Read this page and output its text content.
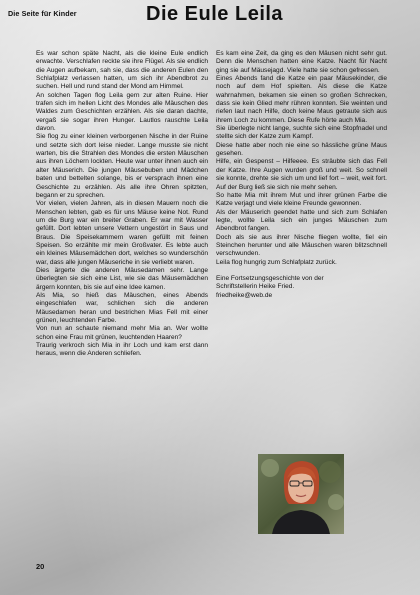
Die Seite für Kinder	Die Eule Leila

Es war schon späte Nacht, als die kleine Eule endlich erwachte. Verschlafen reckte sie ihre Flügel. Als sie endlich die Augen aufbekam, sah sie, dass die anderen Eulen den Schlafplatz verlassen hatten, um sich ihr Abendbrot zu suchen. Hell und rund stand der Mond am Himmel.

An solchen Tagen flog Leila gern zur alten Ruine. Hier trafen sich im hellen Licht des Mondes alle Mäuschen des Waldes zum Geschichten erzählen. Als sie daran dachte, vergaß sie sogar ihren Hunger. Lautlos rauschte Leila davon.

Sie flog zu einer kleinen verborgenen Nische in der Ruine und setzte sich dort leise nieder. Lange musste sie nicht warten, bis die Strahlen des Mondes die ersten Mäuschen aus ihren Löchern lockten. Heute war unter ihnen auch ein alter Mäuserich. Die jungen Mäusebuben und Mädchen baten und bettelten solange, bis er versprach ihnen eine Geschichte zu erzählen. Als alle ihre Ohren spitzten, begann er zu sprechen.

Vor vielen, vielen Jahren, als in diesen Mauern noch die Menschen lebten, gab es für uns Mäuse keine Not. Rund um die Burg war ein breiter Graben. Er war mit Wasser gefüllt. Dort lebten unsere Vettern ungestört in Saus und Braus. Die Speisekammern waren gefüllt mit feinen Speisen. So erzählte mir mein Großvater. Es lebte auch ein kleines Mäusemädchen dort, welches so wunderschön war, dass alle jungen Mäuseriche in sie verliebt waren.

Dies ärgerte die anderen Mäusedamen sehr. Lange überlegten sie sich eine List, wie sie das Mäusemädchen ärgern konnten, bis sie auf eine Idee kamen.

Als Mia, so hieß das Mäuschen, eines Abends eingeschlafen war, schlichen sich die anderen Mäusedamen heran und bestrichen Mias Fell mit einer grünen, leuchtenden Farbe.

Von nun an schaute niemand mehr Mia an. Wer wollte schon eine Frau mit grünen, leuchtenden Haaren?

Traurig verkroch sich Mia in ihr Loch und kam erst dann heraus, wenn die Anderen schliefen.

Es kam eine Zeit, da ging es den Mäusen nicht sehr gut. Denn die Menschen hatten eine Katze. Nacht für Nacht ging sie auf Mäusejagd. Viele hatte sie schon gefressen.

Eines Abends fand die Katze ein paar Mäusekinder, die noch auf dem Hof spielten. Als diese die Katze wahrnahmen, bekamen sie einen so großen Schrecken, dass sie kein Glied mehr rühren konnten. Sie weinten und riefen laut nach Hilfe, doch keine Maus getraute sich aus ihrem Loch zu kommen. Diese Rufe hörte auch Mia.

Sie überlegte nicht lange, suchte sich eine Stopfnadel und stellte sich der Katze zum Kampf.

Diese hatte aber noch nie eine so hässliche grüne Maus gesehen.

Hilfe, ein Gespenst – Hilfeeee. Es sträubte sich das Fell der Katze. Ihre Augen wurden groß und weit. So schnell sie konnte, drehte sie sich um und lief fort – weit, weit fort. Auf der Burg ließ sie sich nie mehr sehen.

So hatte Mia mit ihrem Mut und ihrer grünen Farbe die Katze verjagt und viele kleine Freunde gewonnen.

Als der Mäuserich geendet hatte und sich zum Schlafen legte, wollte Leila sich ein junges Mäuschen zum Abendbrot fangen.

Doch als sie aus ihrer Nische fliegen wollte, fiel ein Steinchen herunter und alle Mäuschen waren blitzschnell verschwunden.

Leila flog hungrig zum Schlafplatz zurück.

Eine Fortsetzungsgeschichte von der

Schriftstellerin Heike Fried.

friedheike@web.de

20
